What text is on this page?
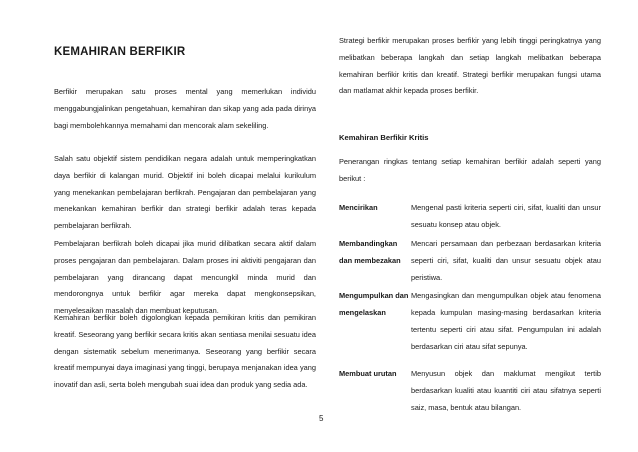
KEMAHIRAN BERFIKIR
Berfikir merupakan satu proses mental yang memerlukan individu menggabungjalinkan pengetahuan, kemahiran dan sikap yang ada pada dirinya bagi membolehkannya memahami dan mencorak alam sekeliling.
Salah satu objektif sistem pendidikan negara adalah untuk memperingkatkan daya berfikir di kalangan murid. Objektif ini boleh dicapai melalui kurikulum yang menekankan pembelajaran berfikrah. Pengajaran dan pembelajaran yang menekankan kemahiran berfikir dan strategi berfikir adalah teras kepada pembelajaran berfikrah.
Pembelajaran berfikrah boleh dicapai jika murid dilibatkan secara aktif dalam proses pengajaran dan pembelajaran. Dalam proses ini aktiviti pengajaran dan pembelajaran yang dirancang dapat mencungkil minda murid dan mendorongnya untuk berfikir agar mereka dapat mengkonsepsikan, menyelesaikan masalah dan membuat keputusan.
Kemahiran berfikir boleh digolongkan kepada pemikiran kritis dan pemikiran kreatif. Seseorang yang berfikir secara kritis akan sentiasa menilai sesuatu idea dengan sistematik sebelum menerimanya. Seseorang yang berfikir secara kreatif mempunyai daya imaginasi yang tinggi, berupaya menjanakan idea yang inovatif dan asli, serta boleh mengubah suai idea dan produk yang sedia ada.
Strategi berfikir merupakan proses berfikir yang lebih tinggi peringkatnya yang melibatkan beberapa langkah dan setiap langkah melibatkan beberapa kemahiran berfikir kritis dan kreatif. Strategi berfikir merupakan fungsi utama dan matlamat akhir kepada proses berfikir.
Kemahiran Berfikir Kritis
Penerangan ringkas tentang setiap kemahiran berfikir adalah seperti yang berikut :
Mencirikan	Mengenal pasti kriteria seperti ciri, sifat, kualiti dan unsur sesuatu konsep atau objek.
Membandingkan dan membezakan
Mencari persamaan dan perbezaan berdasarkan kriteria seperti ciri, sifat, kualiti dan unsur sesuatu objek atau peristiwa.
Mengumpulkan dan mengelaskan
Mengasingkan dan mengumpulkan objek atau fenomena kepada kumpulan masing-masing berdasarkan kriteria tertentu seperti ciri atau sifat. Pengumpulan ini adalah berdasarkan ciri atau sifat sepunya.
Membuat urutan	Menyusun objek dan maklumat mengikut tertib berdasarkan kualiti atau kuantiti ciri atau sifatnya seperti saiz, masa, bentuk atau bilangan.
5
